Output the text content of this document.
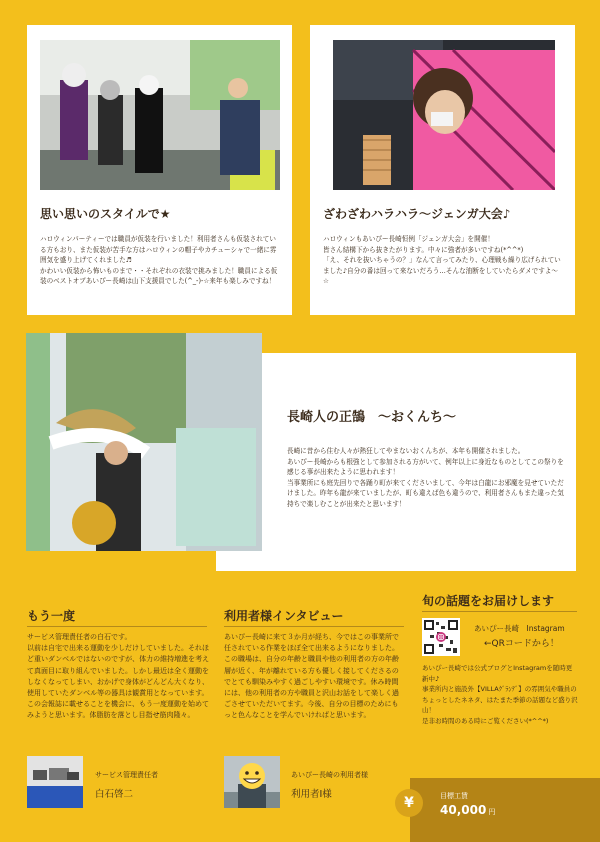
思い思いのスタイルで★

ハロウィンパーティーでは職員が仮装を行いました！利用者さんも仮装されている方もおり、また仮装が苦手な方はハロウィンの帽子やカチューシャで一緒に雰囲気を盛り上げてくれました♬
かわいい仮装から怖いものまで・・それぞれの衣装で挑みました！職員による仮装のベストオブあいぴー長崎は山下支援員でした(^_-)-☆来年も楽しみですね！

ざわざわハラハラ〜ジェンガ大会♪

ハロウィンもあいぴー長崎恒例「ジェンガ大会」を開催！
皆さん結構下から抜きたがります。中々に強者が多いですね(*^^*)
「え、それを抜いちゃうの？」なんて言ってみたり、心理戦も繰り広げられていました♪自分の番は回って来ないだろう…そんな油断をしていたらダメですよ〜☆

長崎人の正鵠　〜おくんち〜

長崎に昔から住む人々が熱狂してやまないおくんちが、本年も開催されました。
あいぴー長崎からも根強として参加される方がいて、例年以上に身近なものとしてこの祭りを感じる事が出来たように思われます！
当事業所にも庭先回りで各踊り町が来てくださいまして、今年は白龍にお邪魔を見せていただけました。昨年も龍が来ていましたが、町も違えば色も違うので、利用者さんもまた違った気持ちで楽しむことが出来たと思います！

もう一度

サービス管理責任者の白石です。
以前は自宅で出来る運動を少しだけしていました。それほど重いダンベルではないのですが、体力の維持増進を考えて真面目に取り組んでいました。しかし最近は全く運動をしなくなってしまい、おかげで身体がどんどん大くなり、使用していたダンベル等の器具は観賞用となっています。この会報誌に載せることを機会に、もう一度運動を始めてみようと思います。体脂肪を落とし目指せ筋肉隆々。

サービス管理責任者
白石啓二
利用者様インタビュー

あいぴー長崎に来て３か月が経ち、今ではこの事業所で任されている作業をほぼ全て出来るようになりました。
この職場は、自分の年齢と職員や他の利用者の方の年齢層が近く、年が離れている方も優しく接してくださるのでとても馴染みやすく過ごしやすい環境です。休み時間には、他の利用者の方や職員と沢山お話をして楽しく過ごさせていただいてます。今後、自分の目標のためにもっと色んなことを学んでいければと思います。

あいぴー長崎の利用者様
利用者I様
旬の話題をお届けします
あいぴー長崎　Instagram
←QRコードから！

あいぴー長崎では公式ブログとInstagramを随時更新中♪
事業所内と施設外【VILLAｸﾞﾗﾝﾃﾞ】の雰囲気や職員のちょっとしたネネタ、はたまた季節の話題など盛り沢山！
是非お時間のある時にご覧ください(*^^*)

¥	目標工賃
40,000 円
